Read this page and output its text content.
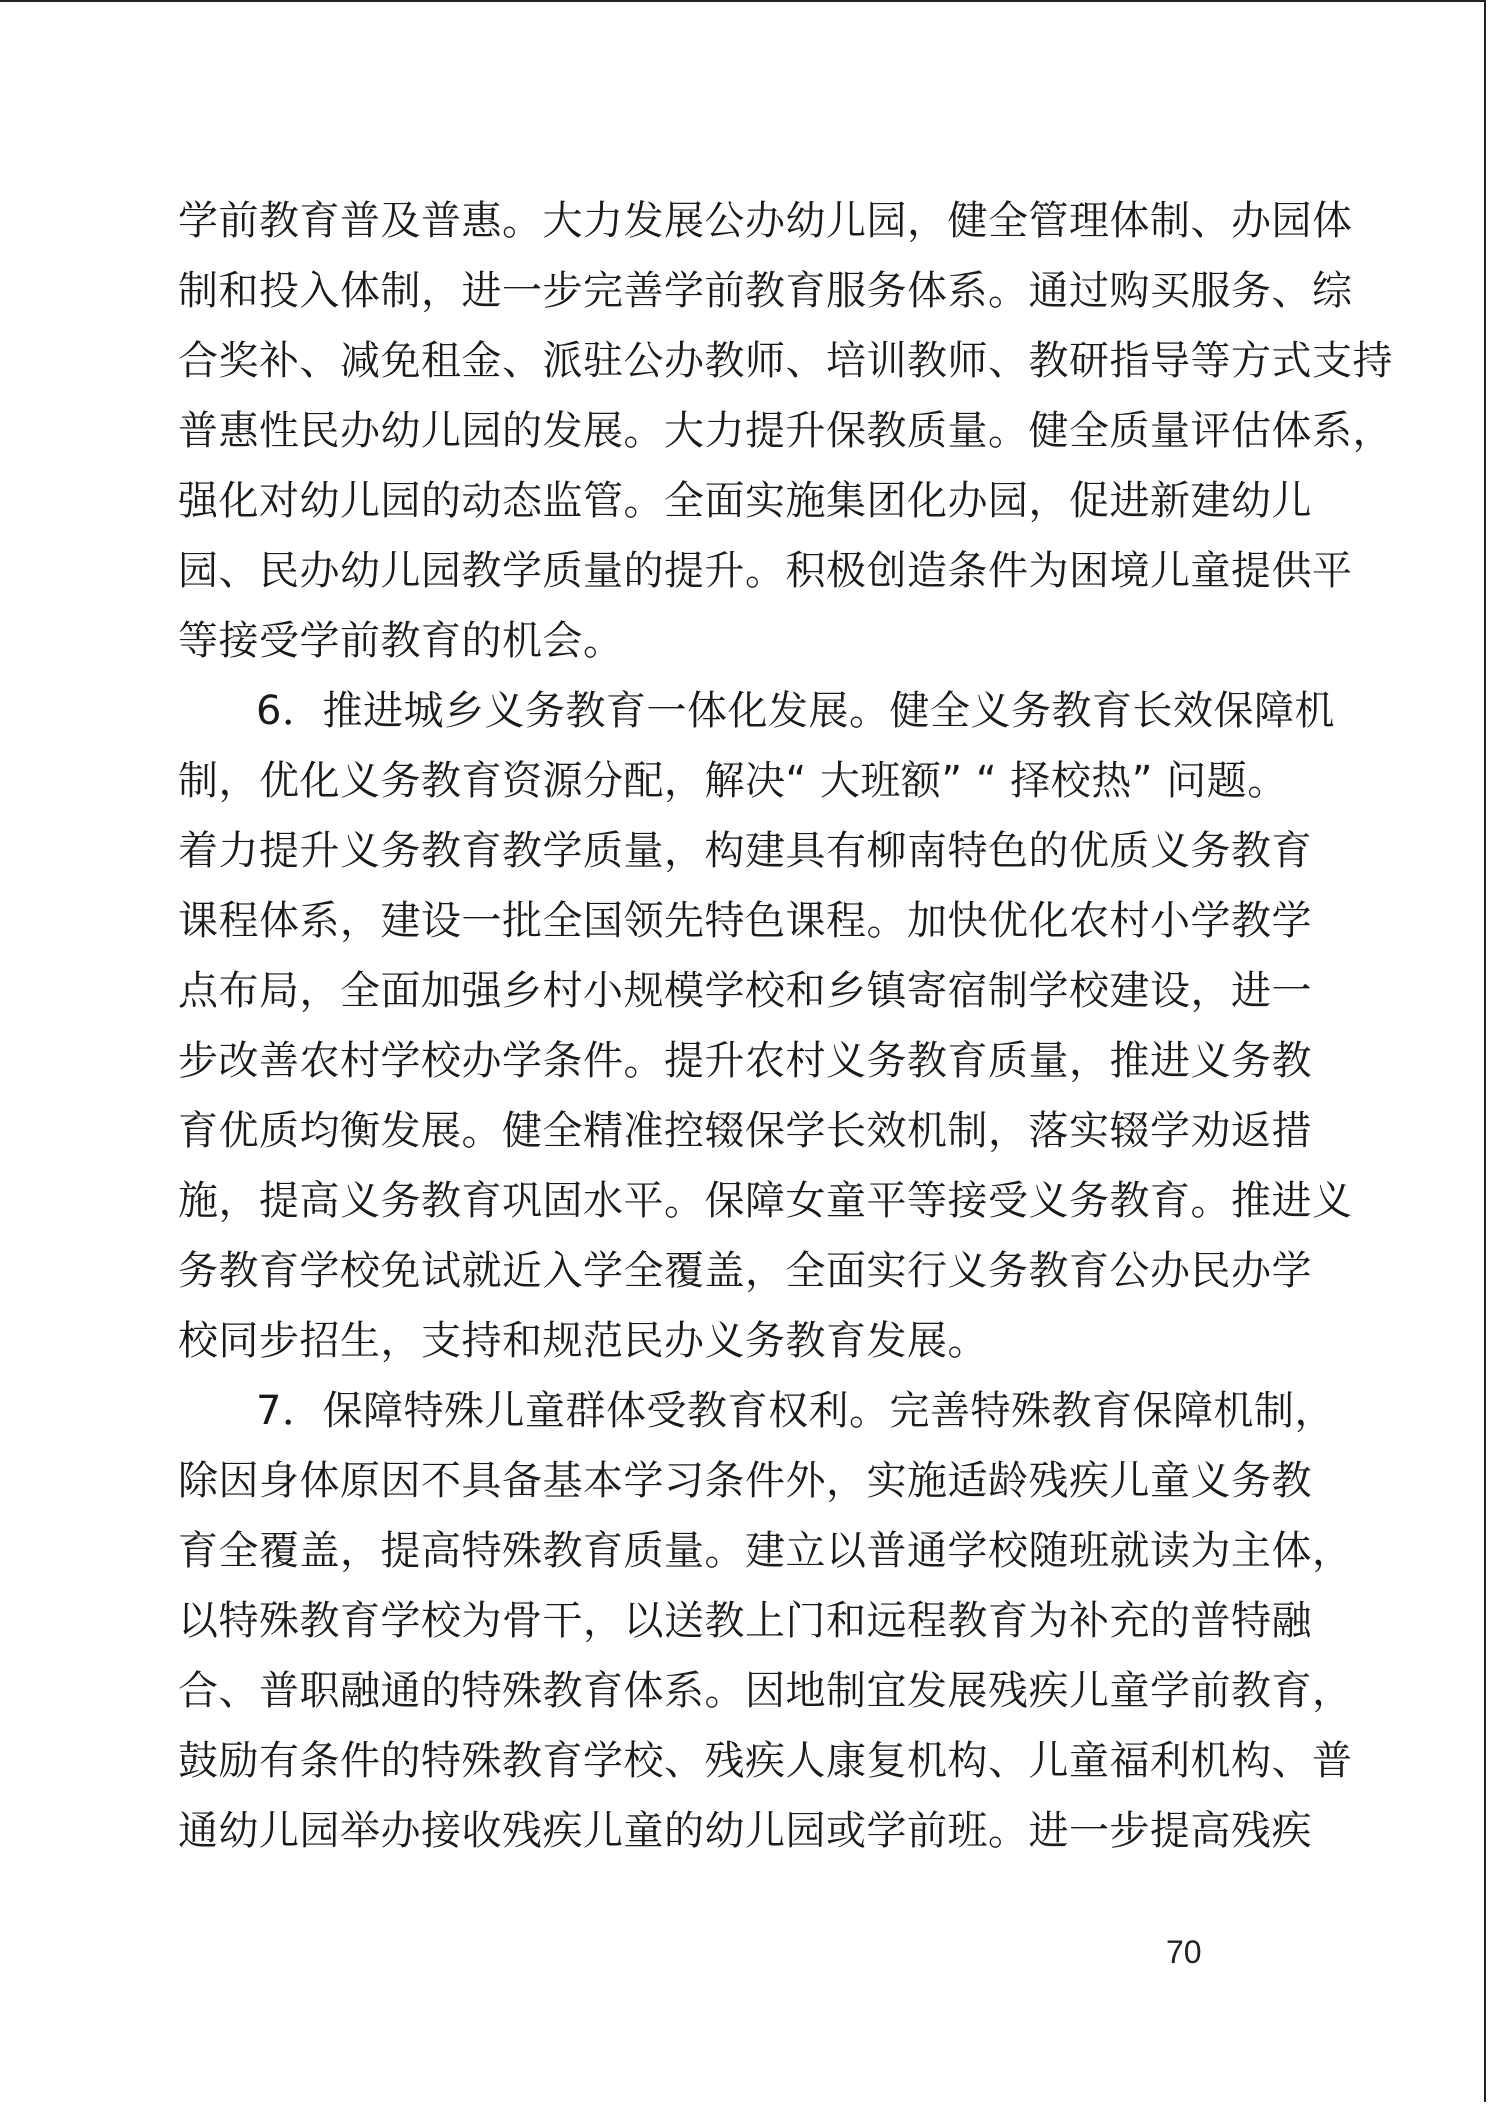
学前教育普及普惠。大力发展公办幼儿园，健全管理体制、办园体
制和投入体制，进一步完善学前教育服务体系。通过购买服务、综
合奖补、减免租金、派驻公办教师、培训教师、教研指导等方式支持
普惠性民办幼儿园的发展。大力提升保教质量。健全质量评估体系，
强化对幼儿园的动态监管。全面实施集团化办园，促进新建幼儿
园、民办幼儿园教学质量的提升。积极创造条件为困境儿童提供平
等接受学前教育的机会。
6．推进城乡义务教育一体化发展。健全义务教育长效保障机
制，优化义务教育资源分配，解决“ 大班额” “ 择校热” 问题。
着力提升义务教育教学质量，构建具有柳南特色的优质义务教育
课程体系，建设一批全国领先特色课程。加快优化农村小学教学
点布局，全面加强乡村小规模学校和乡镇寄宿制学校建设，进一
步改善农村学校办学条件。提升农村义务教育质量，推进义务教
育优质均衡发展。健全精准控辍保学长效机制，落实辍学劝返措
施，提高义务教育巩固水平。保障女童平等接受义务教育。推进义
务教育学校免试就近入学全覆盖，全面实行义务教育公办民办学
校同步招生，支持和规范民办义务教育发展。
7．保障特殊儿童群体受教育权利。完善特殊教育保障机制，
除因身体原因不具备基本学习条件外，实施适龄残疾儿童义务教
育全覆盖，提高特殊教育质量。建立以普通学校随班就读为主体，
以特殊教育学校为骨干，以送教上门和远程教育为补充的普特融
合、普职融通的特殊教育体系。因地制宜发展残疾儿童学前教育，
鼓励有条件的特殊教育学校、残疾人康复机构、儿童福利机构、普
通幼儿园举办接收残疾儿童的幼儿园或学前班。进一步提高残疾
70
